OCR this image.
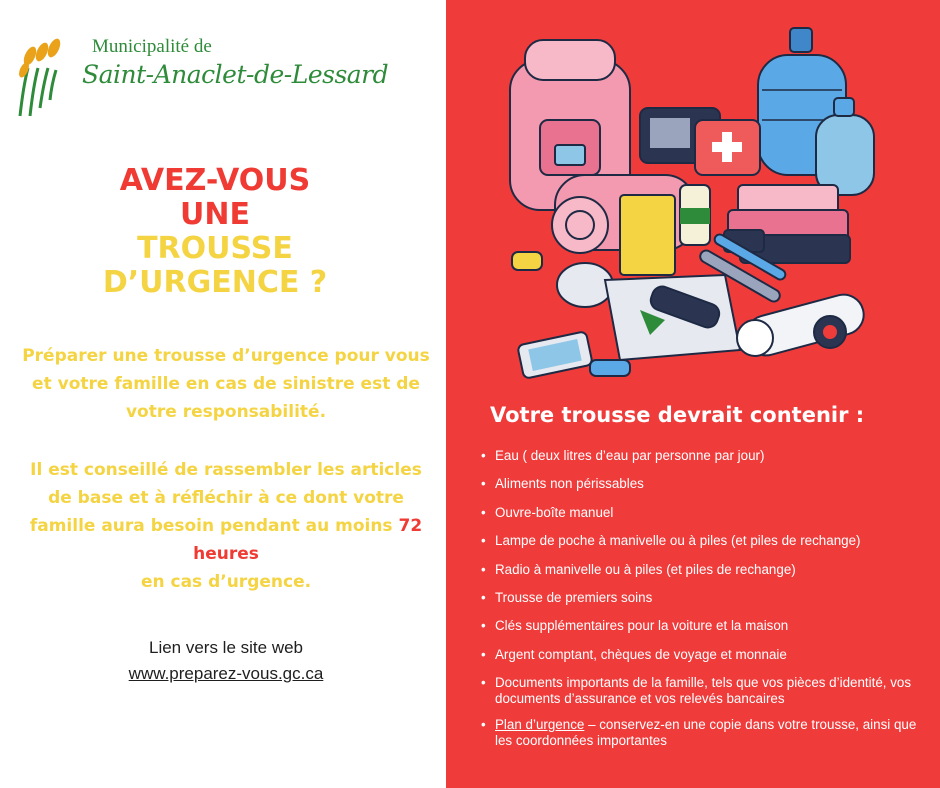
Municipalité de
Saint-Anaclet-de-Lessard
AVEZ-VOUS
UNE
TROUSSE
D’URGENCE ?

Préparer une trousse d’urgence pour vous et votre famille en cas de sinistre est de votre responsabilité.

Il est conseillé de rassembler les articles de base et à réfléchir à ce dont votre famille aura besoin pendant au moins 72 heures
en cas d’urgence.

Lien vers le site web
www.preparez-vous.gc.ca
Votre trousse devrait contenir :
• Eau ( deux litres d’eau par personne par jour)
• Aliments non périssables
• Ouvre-boîte manuel
• Lampe de poche à manivelle ou à piles (et piles de rechange)
• Radio à manivelle ou à piles (et piles de rechange)
• Trousse de premiers soins
• Clés supplémentaires pour la voiture et la maison
• Argent comptant, chèques de voyage et monnaie
• Documents importants de la famille, tels que vos pièces d’identité, vos documents d’assurance et vos relevés bancaires
• Plan d’urgence – conservez-en une copie dans votre trousse, ainsi que les coordonnées importantes
